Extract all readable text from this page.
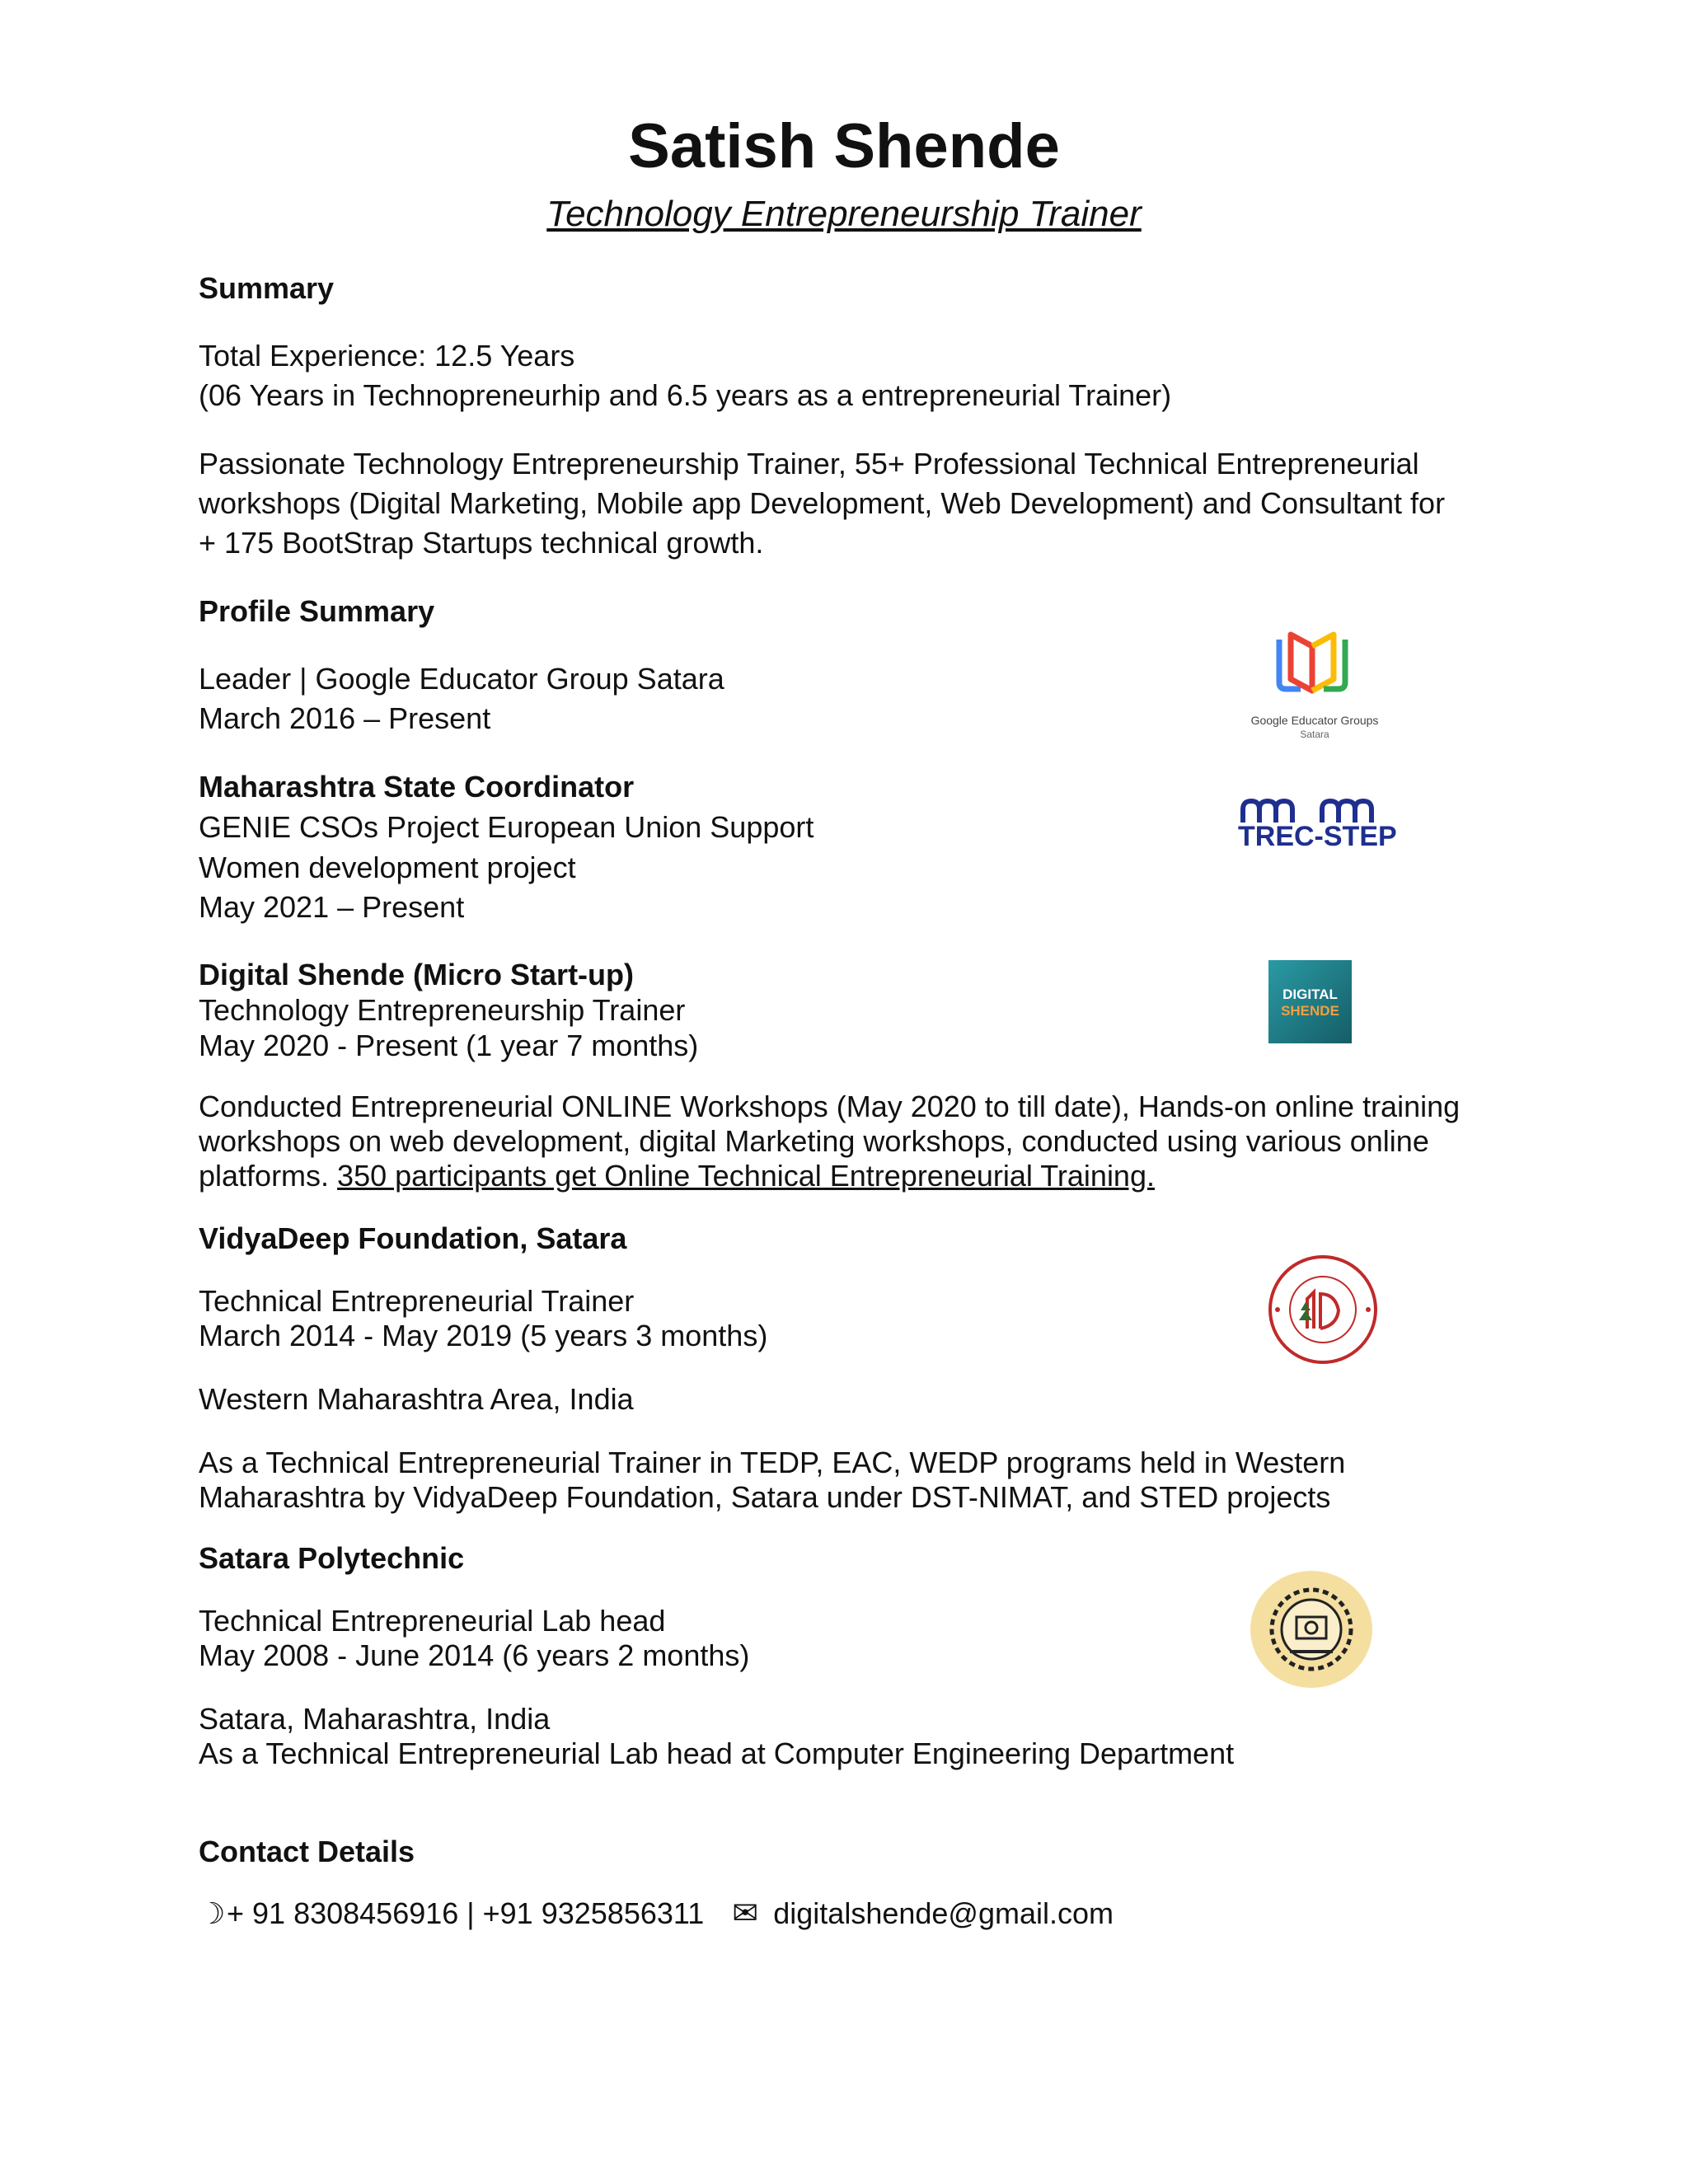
Satish Shende
Technology Entrepreneurship Trainer
Summary
Total Experience: 12.5 Years
(06 Years in Technopreneurhip and 6.5 years as a entrepreneurial Trainer)
Passionate Technology Entrepreneurship Trainer, 55+ Professional Technical Entrepreneurial
workshops (Digital Marketing, Mobile app Development, Web Development) and Consultant for
+ 175 BootStrap Startups technical growth.
Profile Summary
Leader | Google Educator Group Satara
March 2016 – Present	Google Educator Groups
Satara
Maharashtra State Coordinator
GENIE CSOs Project European Union Support
Women development project
May 2021 – Present
TREC-STEP
Digital Shende (Micro Start-up)
Technology Entrepreneurship Trainer
May 2020 - Present (1 year 7 months)
DIGITAL
SHENDE
Conducted Entrepreneurial ONLINE Workshops (May 2020 to till date), Hands-on online training
workshops on web development, digital Marketing workshops, conducted using various online
platforms. 350 participants get Online Technical Entrepreneurial Training.
VidyaDeep Foundation, Satara
Technical Entrepreneurial Trainer
March 2014 - May 2019 (5 years 3 months)
Western Maharashtra Area, India
As a Technical Entrepreneurial Trainer in TEDP, EAC, WEDP programs held in Western
Maharashtra by VidyaDeep Foundation, Satara under DST-NIMAT, and STED projects
Satara Polytechnic
Technical Entrepreneurial Lab head
May 2008 - June 2014 (6 years 2 months)
Satara, Maharashtra, India
As a Technical Entrepreneurial Lab head at Computer Engineering Department
Contact Details
☽+ 91 8308456916 | +91 9325856311 ✉ digitalshende@gmail.com
